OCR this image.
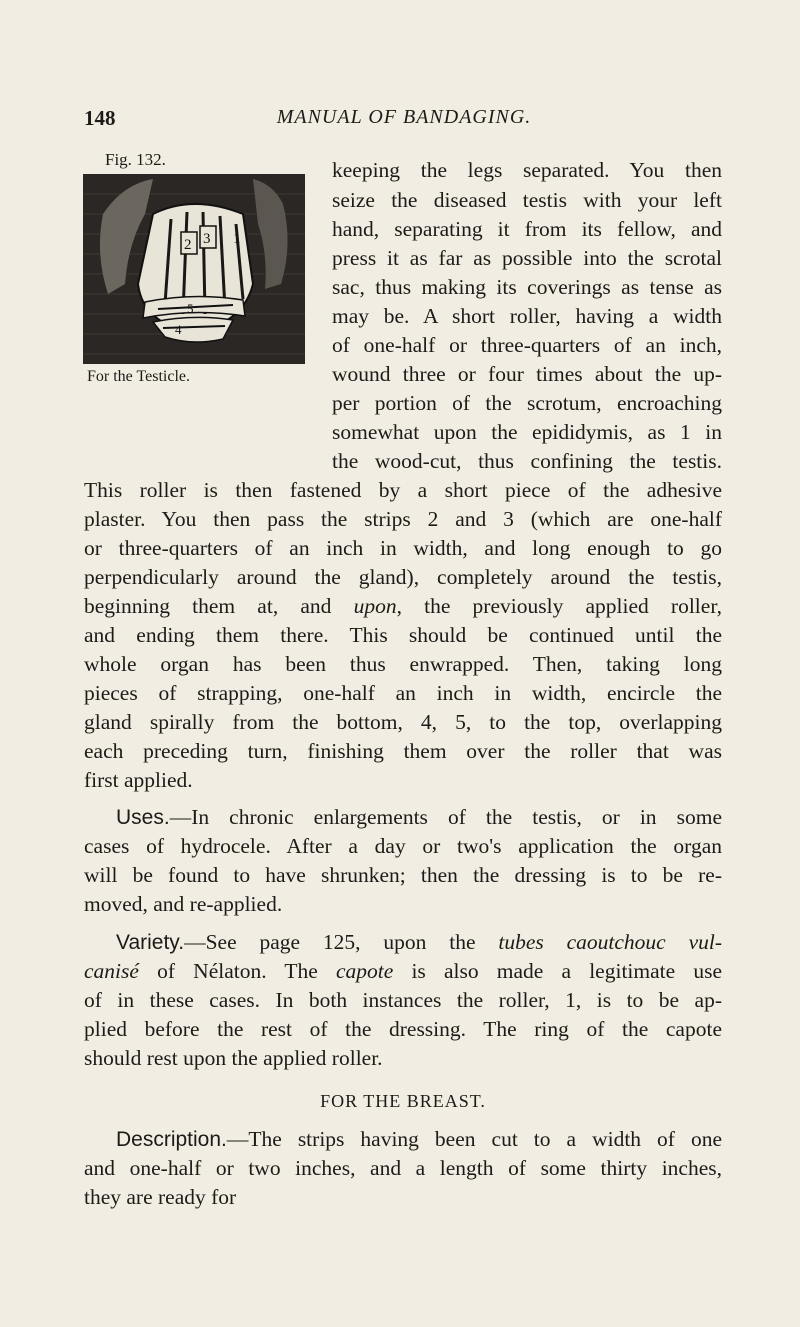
148	MANUAL OF BANDAGING.
Fig. 132.
2 3 1
5
4
For the Testicle.
keeping the legs separated. You then
seize the diseased testis with your left
hand, separating it from its fellow, and
press it as far as possible into the scrotal
sac, thus making its coverings as tense as
may be. A short roller, having a width
of one-half or three-quarters of an inch,
wound three or four times about the up-
per portion of the scrotum, encroaching
somewhat upon the epididymis, as 1 in
the wood-cut, thus confining the testis.
This roller is then fastened by a short piece of the adhesive
plaster. You then pass the strips 2 and 3 (which are one-half
or three-quarters of an inch in width, and long enough to go
perpendicularly around the gland), completely around the testis,
beginning them at, and upon, the previously applied roller,
and ending them there. This should be continued until the
whole organ has been thus enwrapped. Then, taking long
pieces of strapping, one-half an inch in width, encircle the
gland spirally from the bottom, 4, 5, to the top, overlapping
each preceding turn, finishing them over the roller that was
first applied.
Uses.—In chronic enlargements of the testis, or in some
cases of hydrocele. After a day or two's application the organ
will be found to have shrunken; then the dressing is to be re-
moved, and re-applied.
Variety.—See page 125, upon the tubes caoutchouc vul-
canisé of Nélaton. The capote is also made a legitimate use
of in these cases. In both instances the roller, 1, is to be ap-
plied before the rest of the dressing. The ring of the capote
should rest upon the applied roller.
FOR THE BREAST.
Description.—The strips having been cut to a width of one
and one-half or two inches, and a length of some thirty inches,
they are ready for
